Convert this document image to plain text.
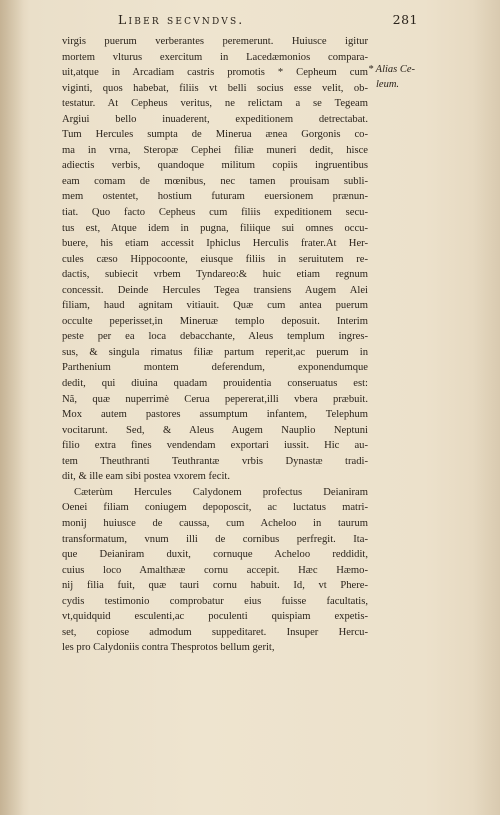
Liber secvndvs.	281
* Alias Ce-
leum.
virgis puerum verberantes peremerunt. Huiusce igitur
mortem vlturus exercitum in Lacedæmonios compara-
uit,atque in Arcadiam castris promotis * Cepheum cum
viginti, quos habebat, filiis vt belli socius esse velit, ob-
testatur. At Cepheus veritus, ne relictam a se Tegeam
Argiui bello inuaderent, expeditionem detrectabat.
Tum Hercules sumpta de Minerua ænea Gorgonis co-
ma in vrna, Steropæ Cephei filiæ muneri dedit, hisce
adiectis verbis, quandoque militum copiis ingruentibus
eam comam de mœnibus, nec tamen prouisam subli-
mem ostentet, hostium futuram euersionem prænun-
tiat. Quo facto Cepheus cum filiis expeditionem secu-
tus est, Atque idem in pugna, filiique sui omnes occu-
buere, his etiam accessit Iphiclus Herculis frater.At Her-
cules cæso Hippocoonte, eiusque filiis in seruitutem re-
dactis, subiecit vrbem Tyndareo:& huic etiam regnum
concessit. Deinde Hercules Tegea transiens Augem Alei
filiam, haud agnitam vitiauit. Quæ cum antea puerum
occulte peperisset,in Mineruæ templo deposuit. Interim
peste per ea loca debacchante, Aleus templum ingres-
sus, & singula rimatus filiæ partum reperit,ac puerum in
Parthenium montem deferendum, exponendumque
dedit, qui diuina quadam prouidentia conseruatus est:
Nã, quæ nuperrimè Cerua pepererat,illi vbera præbuit.
Mox autem pastores assumptum infantem, Telephum
vocitarunt. Sed, & Aleus Augem Nauplio Neptuni
filio extra fines vendendam exportari iussit. Hic au-
tem Theuthranti Teuthrantæ vrbis Dynastæ tradi-
dit, & ille eam sibi postea vxorem fecit.
Cæterùm Hercules Calydonem profectus Deianiram
Oenei filiam coniugem depoposcit, ac luctatus matri-
monij huiusce de caussa, cum Acheloo in taurum
transformatum, vnum illi de cornibus perfregit. Ita-
que Deianiram duxit, cornuque Acheloo reddidit,
cuius loco Amalthææ cornu accepit. Hæc Hæmo-
nij filia fuit, quæ tauri cornu habuit. Id, vt Phere-
cydis testimonio comprobatur eius fuisse facultatis,
vt,quidquid esculenti,ac poculenti quispiam expetis-
set, copiose admodum suppeditaret. Insuper Hercu-
les pro Calydoniis contra Thesprotos bellum gerit,
